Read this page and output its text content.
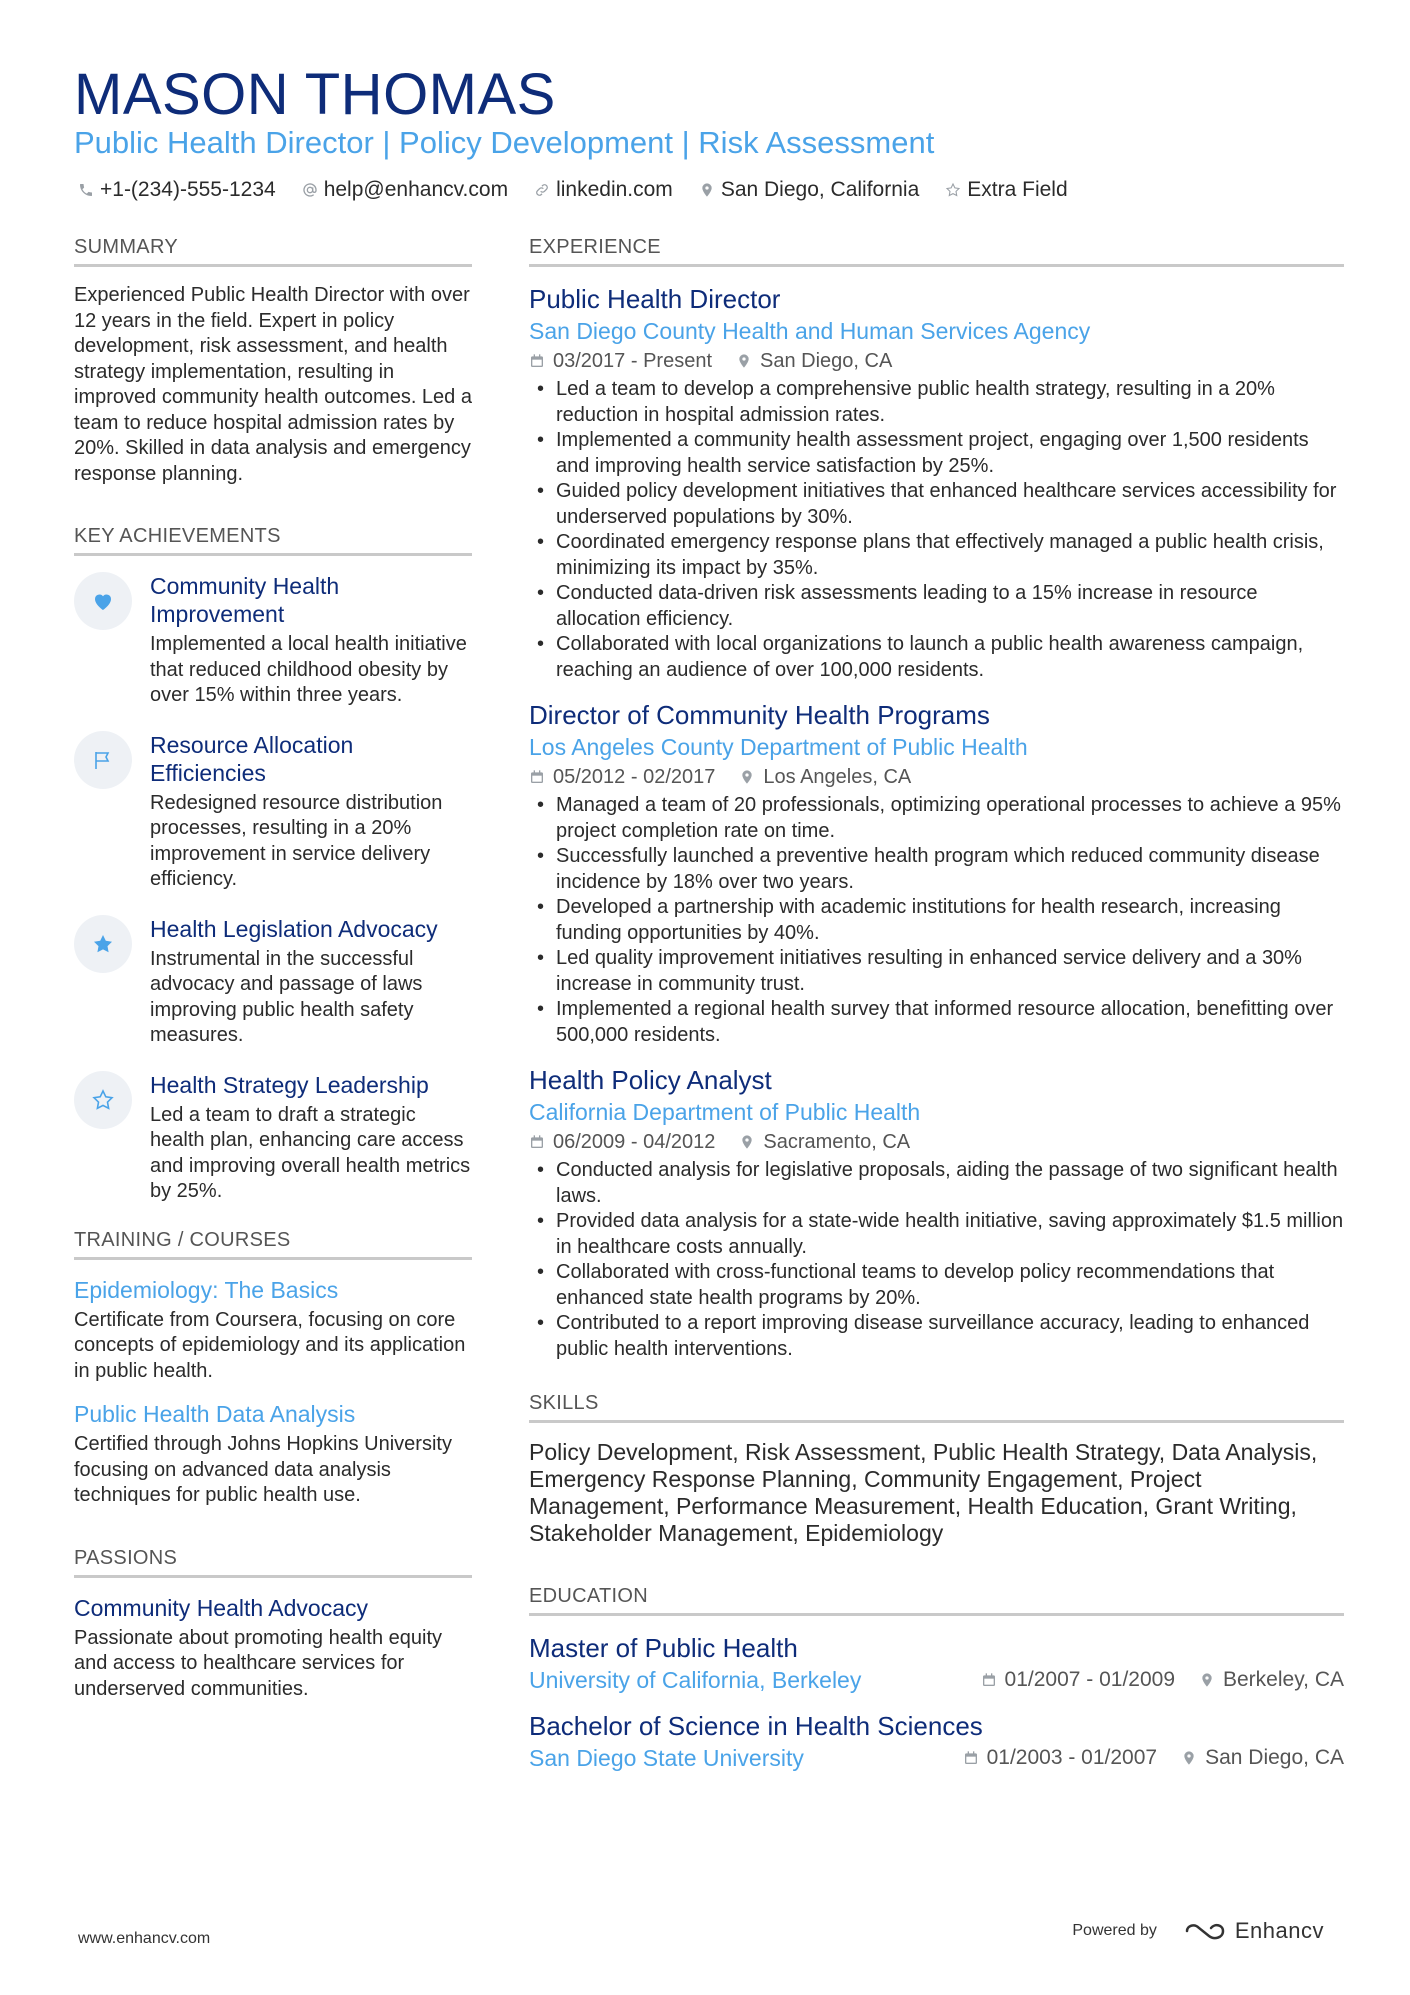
MASON THOMAS
Public Health Director | Policy Development | Risk Assessment
+1-(234)-555-1234 help@enhancv.com linkedin.com San Diego, California Extra Field
SUMMARY
Experienced Public Health Director with over 12 years in the field. Expert in policy development, risk assessment, and health strategy implementation, resulting in improved community health outcomes. Led a team to reduce hospital admission rates by 20%. Skilled in data analysis and emergency response planning.
KEY ACHIEVEMENTS
Community Health Improvement
Implemented a local health initiative that reduced childhood obesity by over 15% within three years.
Resource Allocation Efficiencies
Redesigned resource distribution processes, resulting in a 20% improvement in service delivery efficiency.
Health Legislation Advocacy
Instrumental in the successful advocacy and passage of laws improving public health safety measures.
Health Strategy Leadership
Led a team to draft a strategic health plan, enhancing care access and improving overall health metrics by 25%.
TRAINING / COURSES
Epidemiology: The Basics
Certificate from Coursera, focusing on core concepts of epidemiology and its application in public health.
Public Health Data Analysis
Certified through Johns Hopkins University focusing on advanced data analysis techniques for public health use.
PASSIONS
Community Health Advocacy
Passionate about promoting health equity and access to healthcare services for underserved communities.
EXPERIENCE
Public Health Director
San Diego County Health and Human Services Agency
03/2017 - Present San Diego, CA
• Led a team to develop a comprehensive public health strategy, resulting in a 20% reduction in hospital admission rates.
• Implemented a community health assessment project, engaging over 1,500 residents and improving health service satisfaction by 25%.
• Guided policy development initiatives that enhanced healthcare services accessibility for underserved populations by 30%.
• Coordinated emergency response plans that effectively managed a public health crisis, minimizing its impact by 35%.
• Conducted data-driven risk assessments leading to a 15% increase in resource allocation efficiency.
• Collaborated with local organizations to launch a public health awareness campaign, reaching an audience of over 100,000 residents.
Director of Community Health Programs
Los Angeles County Department of Public Health
05/2012 - 02/2017 Los Angeles, CA
• Managed a team of 20 professionals, optimizing operational processes to achieve a 95% project completion rate on time.
• Successfully launched a preventive health program which reduced community disease incidence by 18% over two years.
• Developed a partnership with academic institutions for health research, increasing funding opportunities by 40%.
• Led quality improvement initiatives resulting in enhanced service delivery and a 30% increase in community trust.
• Implemented a regional health survey that informed resource allocation, benefitting over 500,000 residents.
Health Policy Analyst
California Department of Public Health
06/2009 - 04/2012 Sacramento, CA
• Conducted analysis for legislative proposals, aiding the passage of two significant health laws.
• Provided data analysis for a state-wide health initiative, saving approximately $1.5 million in healthcare costs annually.
• Collaborated with cross-functional teams to develop policy recommendations that enhanced state health programs by 20%.
• Contributed to a report improving disease surveillance accuracy, leading to enhanced public health interventions.
SKILLS
Policy Development, Risk Assessment, Public Health Strategy, Data Analysis, Emergency Response Planning, Community Engagement, Project Management, Performance Measurement, Health Education, Grant Writing, Stakeholder Management, Epidemiology
EDUCATION
Master of Public Health
University of California, Berkeley	01/2007 - 01/2009 Berkeley, CA
Bachelor of Science in Health Sciences
San Diego State University	01/2003 - 01/2007 San Diego, CA
www.enhancv.com	Powered by	Enhancv
